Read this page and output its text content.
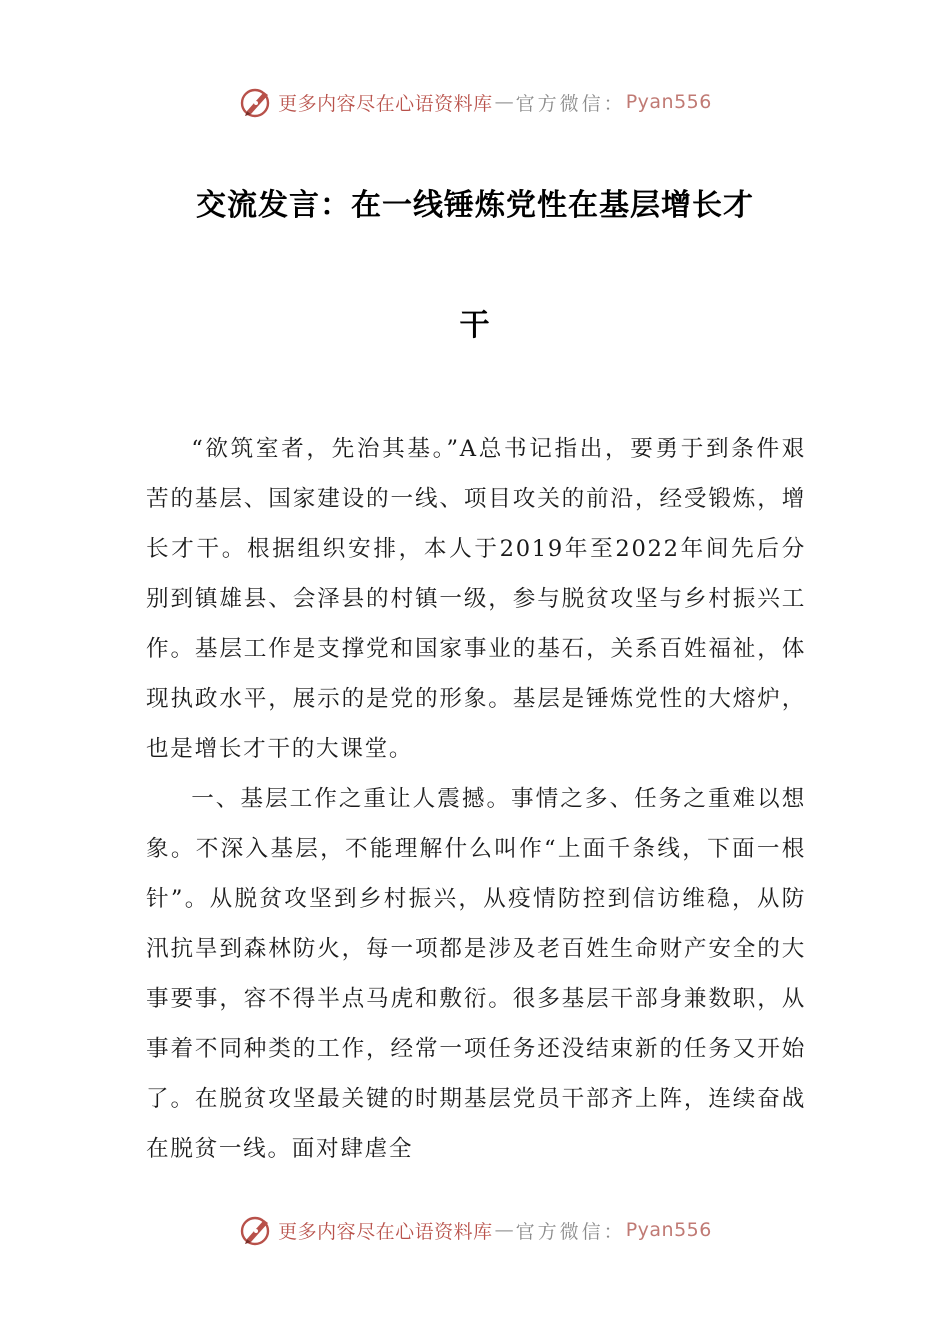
更多内容尽在心语资料库 — 官方微信： Pyan556
交流发言：在一线锤炼党性在基层增长才
干

“欲筑室者，先治其基。”A总书记指出，要勇于到条件艰苦的基层、国家建设的一线、项目攻关的前沿，经受锻炼，增长才干。根据组织安排，本人于2019年至2022年间先后分别到镇雄县、会泽县的村镇一级，参与脱贫攻坚与乡村振兴工作。基层工作是支撑党和国家事业的基石，关系百姓福祉，体现执政水平，展示的是党的形象。基层是锤炼党性的大熔炉，也是增长才干的大课堂。

一、基层工作之重让人震撼。事情之多、任务之重难以想象。不深入基层，不能理解什么叫作“上面千条线，下面一根针”。从脱贫攻坚到乡村振兴，从疫情防控到信访维稳，从防汛抗旱到森林防火，每一项都是涉及老百姓生命财产安全的大事要事，容不得半点马虎和敷衍。很多基层干部身兼数职，从事着不同种类的工作，经常一项任务还没结束新的任务又开始了。在脱贫攻坚最关键的时期基层党员干部齐上阵，连续奋战在脱贫一线。面对肆虐全

更多内容尽在心语资料库 — 官方微信： Pyan556
